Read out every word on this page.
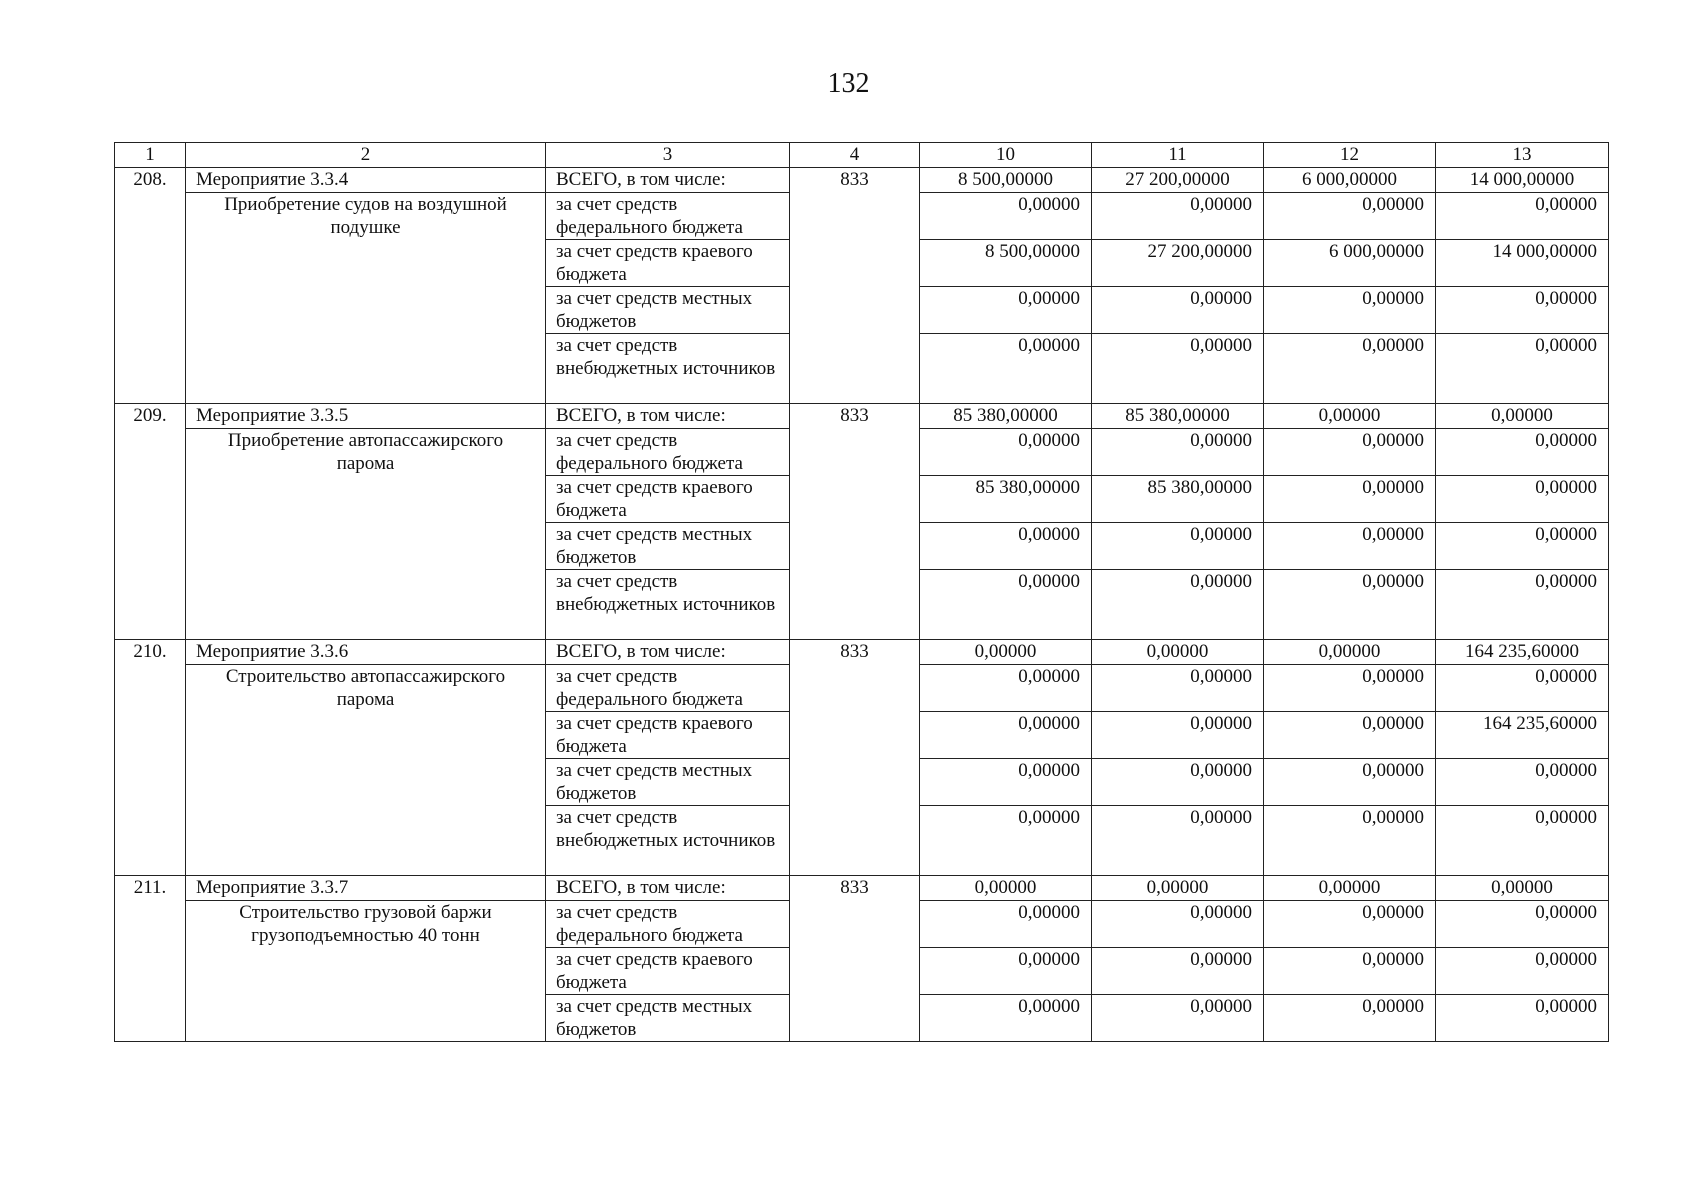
132
1	2	3	4	10	11	12	13
208.	Мероприятие 3.3.4	ВСЕГО, в том числе:	833	8 500,00000	27 200,00000	6 000,00000	14 000,00000
	Приобретение судов на воздушной подушке	за счет средств федерального бюджета		0,00000	0,00000	0,00000	0,00000
		за счет средств краевого бюджета		8 500,00000	27 200,00000	6 000,00000	14 000,00000
		за счет средств местных бюджетов		0,00000	0,00000	0,00000	0,00000
		за счет средств внебюджетных источников		0,00000	0,00000	0,00000	0,00000
209.	Мероприятие 3.3.5	ВСЕГО, в том числе:	833	85 380,00000	85 380,00000	0,00000	0,00000
	Приобретение автопассажирского парома	за счет средств федерального бюджета		0,00000	0,00000	0,00000	0,00000
		за счет средств краевого бюджета		85 380,00000	85 380,00000	0,00000	0,00000
		за счет средств местных бюджетов		0,00000	0,00000	0,00000	0,00000
		за счет средств внебюджетных источников		0,00000	0,00000	0,00000	0,00000
210.	Мероприятие 3.3.6	ВСЕГО, в том числе:	833	0,00000	0,00000	0,00000	164 235,60000
	Строительство автопассажирского парома	за счет средств федерального бюджета		0,00000	0,00000	0,00000	0,00000
		за счет средств краевого бюджета		0,00000	0,00000	0,00000	164 235,60000
		за счет средств местных бюджетов		0,00000	0,00000	0,00000	0,00000
		за счет средств внебюджетных источников		0,00000	0,00000	0,00000	0,00000
211.	Мероприятие 3.3.7	ВСЕГО, в том числе:	833	0,00000	0,00000	0,00000	0,00000
	Строительство грузовой баржи грузоподъемностью 40 тонн	за счет средств федерального бюджета		0,00000	0,00000	0,00000	0,00000
		за счет средств краевого бюджета		0,00000	0,00000	0,00000	0,00000
		за счет средств местных бюджетов		0,00000	0,00000	0,00000	0,00000
